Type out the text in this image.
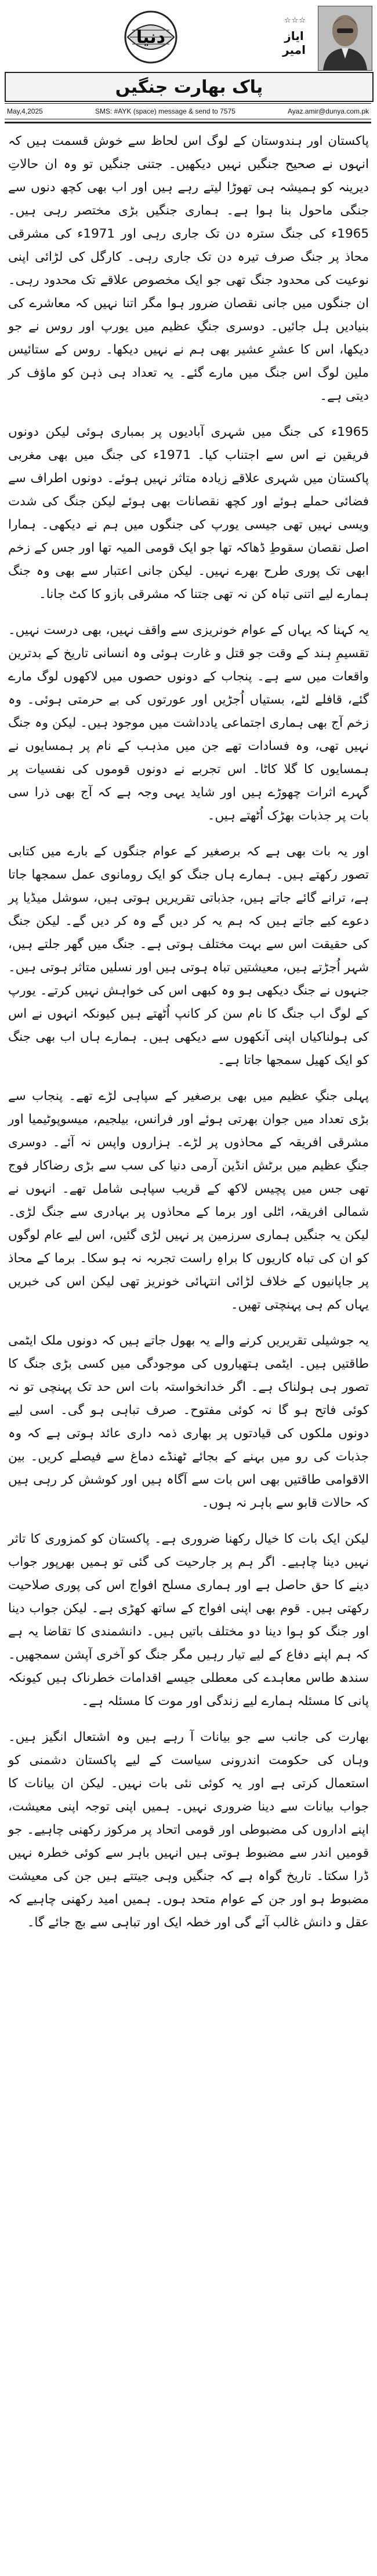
دنیا
☆☆☆
ایاز امیر
پاک بھارت جنگیں
May,4,2025	SMS: #AYK (space) message & send to 7575	Ayaz.amir@dunya.com.pk

پاکستان اور ہندوستان کے لوگ اس لحاظ سے خوش قسمت ہیں کہ انہوں نے صحیح جنگیں نہیں دیکھیں۔ جتنی جنگیں تو وہ ان حالاتِ دیرینہ کو ہمیشہ ہی تھوڑا لیتے رہے ہیں اور اب بھی کچھ دنوں سے جنگی ماحول بنا ہوا ہے۔ ہماری جنگیں بڑی مختصر رہی ہیں۔ 1965ء کی جنگ سترہ دن تک جاری رہی اور 1971ء کی مشرقی محاذ پر جنگ صرف تیرہ دن تک جاری رہی۔ کارگل کی لڑائی اپنی نوعیت کی محدود جنگ تھی جو ایک مخصوص علاقے تک محدود رہی۔ ان جنگوں میں جانی نقصان ضرور ہوا مگر اتنا نہیں کہ معاشرے کی بنیادیں ہل جائیں۔ دوسری جنگِ عظیم میں یورپ اور روس نے جو دیکھا، اس کا عشرِ عشیر بھی ہم نے نہیں دیکھا۔ روس کے ستائیس ملین لوگ اس جنگ میں مارے گئے۔ یہ تعداد ہی ذہن کو ماؤف کر دیتی ہے۔

1965ء کی جنگ میں شہری آبادیوں پر بمباری ہوئی لیکن دونوں فریقین نے اس سے اجتناب کیا۔ 1971ء کی جنگ میں بھی مغربی پاکستان میں شہری علاقے زیادہ متاثر نہیں ہوئے۔ دونوں اطراف سے فضائی حملے ہوئے اور کچھ نقصانات بھی ہوئے لیکن جنگ کی شدت ویسی نہیں تھی جیسی یورپ کی جنگوں میں ہم نے دیکھی۔ ہمارا اصل نقصان سقوطِ ڈھاکہ تھا جو ایک قومی المیہ تھا اور جس کے زخم ابھی تک پوری طرح بھرے نہیں۔ لیکن جانی اعتبار سے بھی وہ جنگ ہمارے لیے اتنی تباہ کن نہ تھی جتنا کہ مشرقی بازو کا کٹ جانا۔

یہ کہنا کہ یہاں کے عوام خونریزی سے واقف نہیں، بھی درست نہیں۔ تقسیمِ ہند کے وقت جو قتل و غارت ہوئی وہ انسانی تاریخ کے بدترین واقعات میں سے ہے۔ پنجاب کے دونوں حصوں میں لاکھوں لوگ مارے گئے، قافلے لٹے، بستیاں اُجڑیں اور عورتوں کی بے حرمتی ہوئی۔ وہ زخم آج بھی ہماری اجتماعی یادداشت میں موجود ہیں۔ لیکن وہ جنگ نہیں تھی، وہ فسادات تھے جن میں مذہب کے نام پر ہمسایوں نے ہمسایوں کا گلا کاٹا۔ اس تجربے نے دونوں قوموں کی نفسیات پر گہرے اثرات چھوڑے ہیں اور شاید یہی وجہ ہے کہ آج بھی ذرا سی بات پر جذبات بھڑک اُٹھتے ہیں۔

اور یہ بات بھی ہے کہ برصغیر کے عوام جنگوں کے بارے میں کتابی تصور رکھتے ہیں۔ ہمارے ہاں جنگ کو ایک رومانوی عمل سمجھا جاتا ہے، ترانے گائے جاتے ہیں، جذباتی تقریریں ہوتی ہیں، سوشل میڈیا پر دعوے کیے جاتے ہیں کہ ہم یہ کر دیں گے وہ کر دیں گے۔ لیکن جنگ کی حقیقت اس سے بہت مختلف ہوتی ہے۔ جنگ میں گھر جلتے ہیں، شہر اُجڑتے ہیں، معیشتیں تباہ ہوتی ہیں اور نسلیں متاثر ہوتی ہیں۔ جنہوں نے جنگ دیکھی ہو وہ کبھی اس کی خواہش نہیں کرتے۔ یورپ کے لوگ اب جنگ کا نام سن کر کانپ اُٹھتے ہیں کیونکہ انہوں نے اس کی ہولناکیاں اپنی آنکھوں سے دیکھی ہیں۔ ہمارے ہاں اب بھی جنگ کو ایک کھیل سمجھا جاتا ہے۔

پہلی جنگِ عظیم میں بھی برصغیر کے سپاہی لڑے تھے۔ پنجاب سے بڑی تعداد میں جوان بھرتی ہوئے اور فرانس، بیلجیم، میسوپوٹیمیا اور مشرقی افریقہ کے محاذوں پر لڑے۔ ہزاروں واپس نہ آئے۔ دوسری جنگِ عظیم میں برٹش انڈین آرمی دنیا کی سب سے بڑی رضاکار فوج تھی جس میں پچیس لاکھ کے قریب سپاہی شامل تھے۔ انہوں نے شمالی افریقہ، اٹلی اور برما کے محاذوں پر بہادری سے جنگ لڑی۔ لیکن یہ جنگیں ہماری سرزمین پر نہیں لڑی گئیں، اس لیے عام لوگوں کو ان کی تباہ کاریوں کا براہِ راست تجربہ نہ ہو سکا۔ برما کے محاذ پر جاپانیوں کے خلاف لڑائی انتہائی خونریز تھی لیکن اس کی خبریں یہاں کم ہی پہنچتی تھیں۔

یہ جوشیلی تقریریں کرنے والے یہ بھول جاتے ہیں کہ دونوں ملک ایٹمی طاقتیں ہیں۔ ایٹمی ہتھیاروں کی موجودگی میں کسی بڑی جنگ کا تصور ہی ہولناک ہے۔ اگر خدانخواستہ بات اس حد تک پہنچی تو نہ کوئی فاتح ہو گا نہ کوئی مفتوح۔ صرف تباہی ہو گی۔ اسی لیے دونوں ملکوں کی قیادتوں پر بھاری ذمہ داری عائد ہوتی ہے کہ وہ جذبات کی رو میں بہنے کے بجائے ٹھنڈے دماغ سے فیصلے کریں۔ بین الاقوامی طاقتیں بھی اس بات سے آگاہ ہیں اور کوشش کر رہی ہیں کہ حالات قابو سے باہر نہ ہوں۔

لیکن ایک بات کا خیال رکھنا ضروری ہے۔ پاکستان کو کمزوری کا تاثر نہیں دینا چاہیے۔ اگر ہم پر جارحیت کی گئی تو ہمیں بھرپور جواب دینے کا حق حاصل ہے اور ہماری مسلح افواج اس کی پوری صلاحیت رکھتی ہیں۔ قوم بھی اپنی افواج کے ساتھ کھڑی ہے۔ لیکن جواب دینا اور جنگ کو ہوا دینا دو مختلف باتیں ہیں۔ دانشمندی کا تقاضا یہ ہے کہ ہم اپنے دفاع کے لیے تیار رہیں مگر جنگ کو آخری آپشن سمجھیں۔ سندھ طاس معاہدے کی معطلی جیسے اقدامات خطرناک ہیں کیونکہ پانی کا مسئلہ ہمارے لیے زندگی اور موت کا مسئلہ ہے۔

بھارت کی جانب سے جو بیانات آ رہے ہیں وہ اشتعال انگیز ہیں۔ وہاں کی حکومت اندرونی سیاست کے لیے پاکستان دشمنی کو استعمال کرتی ہے اور یہ کوئی نئی بات نہیں۔ لیکن ان بیانات کا جواب بیانات سے دینا ضروری نہیں۔ ہمیں اپنی توجہ اپنی معیشت، اپنے اداروں کی مضبوطی اور قومی اتحاد پر مرکوز رکھنی چاہیے۔ جو قومیں اندر سے مضبوط ہوتی ہیں انہیں باہر سے کوئی خطرہ نہیں ڈرا سکتا۔ تاریخ گواہ ہے کہ جنگیں وہی جیتتے ہیں جن کی معیشت مضبوط ہو اور جن کے عوام متحد ہوں۔ ہمیں امید رکھنی چاہیے کہ عقل و دانش غالب آئے گی اور خطہ ایک اور تباہی سے بچ جائے گا۔
